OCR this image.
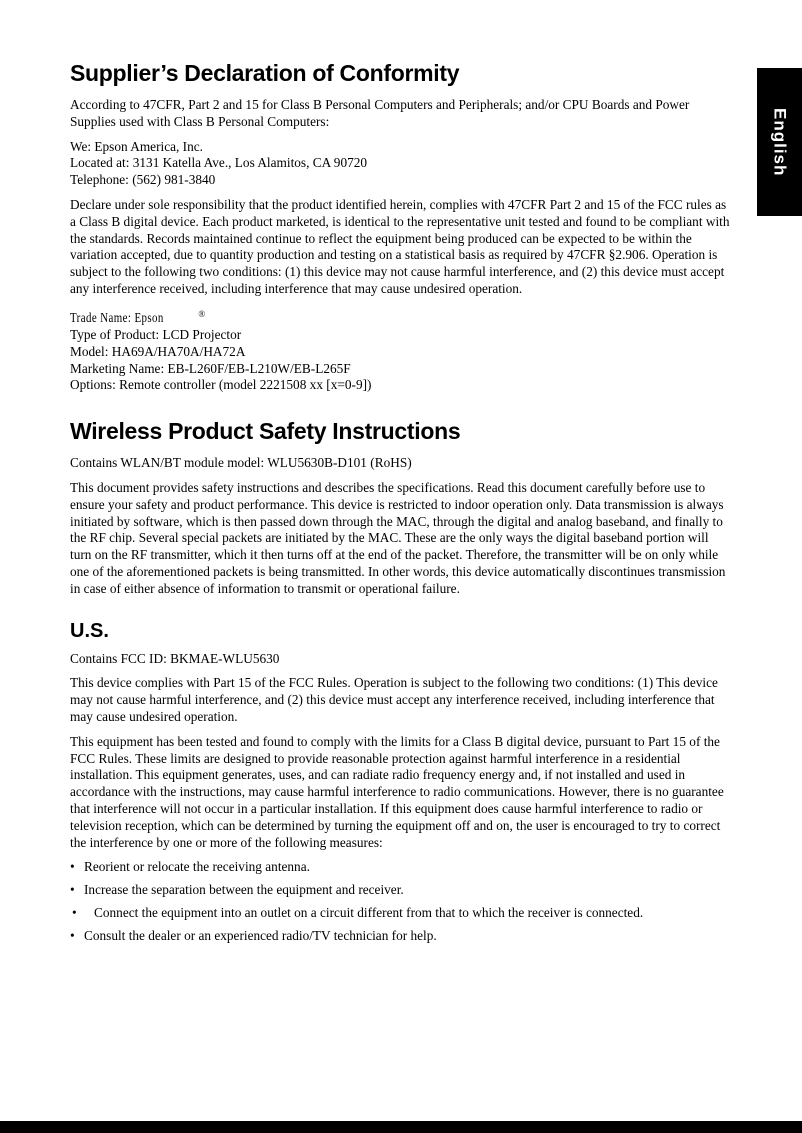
English
Supplier’s Declaration of Conformity

According to 47CFR, Part 2 and 15 for Class B Personal Computers and Peripherals; and/or CPU Boards and Power Supplies used with Class B Personal Computers:

We: Epson America, Inc.
Located at: 3131 Katella Ave., Los Alamitos, CA 90720
Telephone: (562) 981-3840

Declare under sole responsibility that the product identified herein, complies with 47CFR Part 2 and 15 of the FCC rules as a Class B digital device. Each product marketed, is identical to the representative unit tested and found to be compliant with the standards. Records maintained continue to reflect the equipment being produced can be expected to be within the variation accepted, due to quantity production and testing on a statistical basis as required by 47CFR §2.906. Operation is subject to the following two conditions: (1) this device may not cause harmful interference, and (2) this device must accept any interference received, including interference that may cause undesired operation.

Trade Name: Epson	®
Type of Product: LCD Projector
Model: HA69A/HA70A/HA72A
Marketing Name: EB-L260F/EB-L210W/EB-L265F
Options: Remote controller (model 2221508 xx [x=0-9])
Wireless Product Safety Instructions

Contains WLAN/BT module model: WLU5630B-D101 (RoHS)

This document provides safety instructions and describes the specifications. Read this document carefully before use to ensure your safety and product performance. This device is restricted to indoor operation only. Data transmission is always initiated by software, which is then passed down through the MAC, through the digital and analog baseband, and finally to the RF chip. Several special packets are initiated by the MAC. These are the only ways the digital baseband portion will turn on the RF transmitter, which it then turns off at the end of the packet. Therefore, the transmitter will be on only while one of the aforementioned packets is being transmitted. In other words, this device automatically discontinues transmission in case of either absence of information to transmit or operational failure.

U.S.

Contains FCC ID: BKMAE-WLU5630

This device complies with Part 15 of the FCC Rules. Operation is subject to the following two conditions: (1) This device may not cause harmful interference, and (2) this device must accept any interference received, including interference that may cause undesired operation.

This equipment has been tested and found to comply with the limits for a Class B digital device, pursuant to Part 15 of the FCC Rules. These limits are designed to provide reasonable protection against harmful interference in a residential installation. This equipment generates, uses, and can radiate radio frequency energy and, if not installed and used in accordance with the instructions, may cause harmful interference to radio communications. However, there is no guarantee that interference will not occur in a particular installation. If this equipment does cause harmful interference to radio or television reception, which can be determined by turning the equipment off and on, the user is encouraged to try to correct the interference by one or more of the following measures:

• Reorient or relocate the receiving antenna.
• Increase the separation between the equipment and receiver.
•	Connect the equipment into an outlet on a circuit different from that to which the receiver is connected.
• Consult the dealer or an experienced radio/TV technician for help.
